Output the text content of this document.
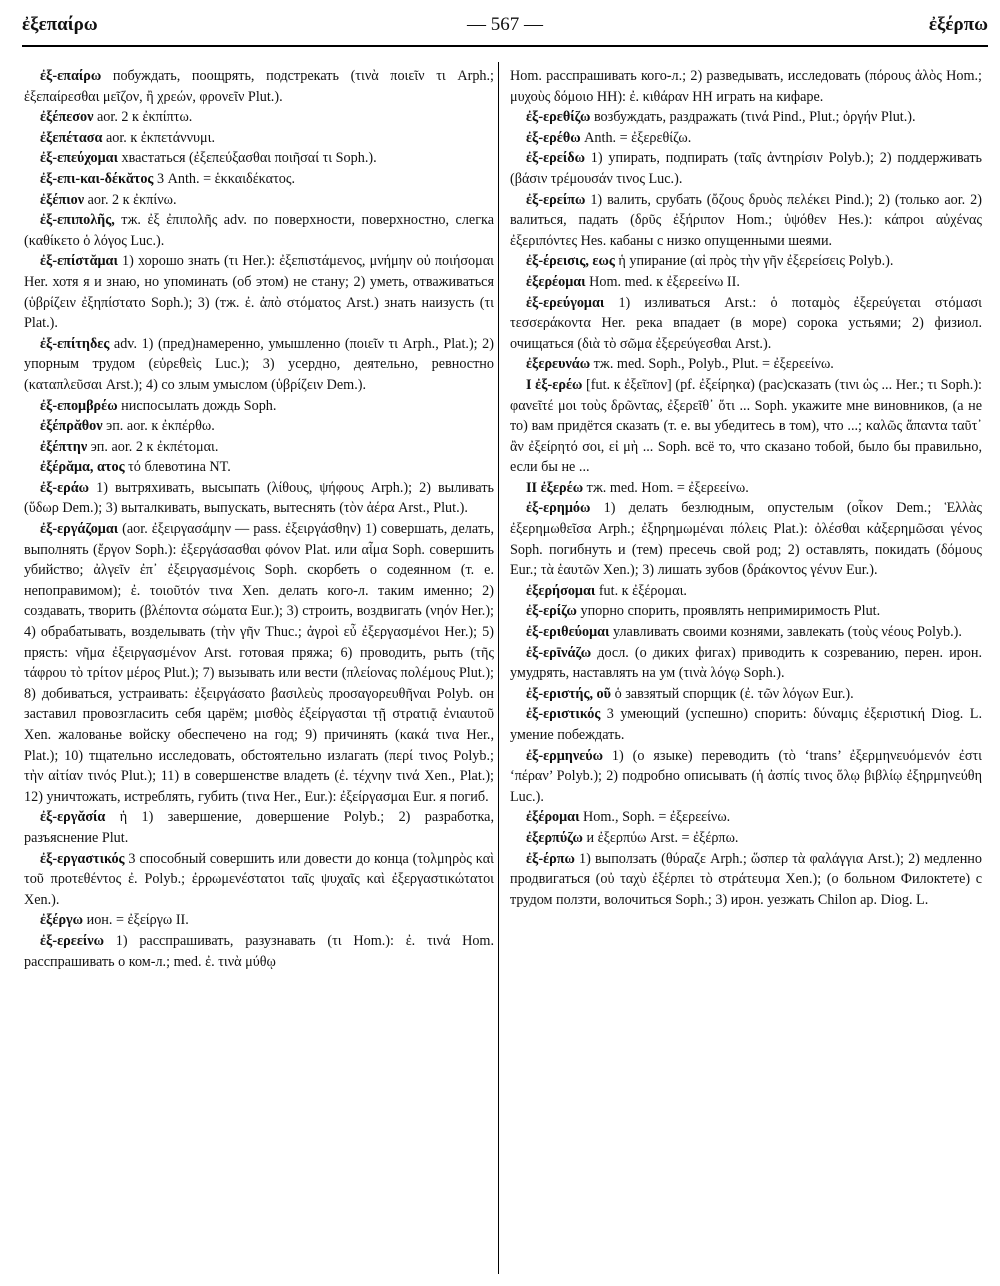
ἐξεπαίρω	— 567 —	ἐξέρπω
ἐξ-επαίρω побуждать, поощрять, подстрекать (τινὰ ποιεῖν τι Arph.; ἐξεπαίρεσθαι μεῖζον, ἢ χρεών, φρονεῖν Plut.).
ἐξέπεσον aor. 2 к ἐκπίπτω.
ἐξεπέτασα aor. к ἐκπετάννυμι.
ἐξ-επεύχομαι хвастаться (ἐξεπεύξασθαι ποιῆσαί τι Soph.).
ἐξ-επι-και-δέκᾰτος 3 Anth. = ἑκκαιδέκατος.
ἐξέπιον aor. 2 к ἐκπίνω.
ἐξ-επιπολῆς, тж. ἐξ ἐπιπολῆς adv. по поверхности, поверхностно, слегка (καθίκετο ὁ λόγος Luc.).
ἐξ-επίστᾰμαι 1) хорошо знать (τι Her.): ἐξεπιστάμενος, μνήμην οὐ ποιήσομαι Her. хотя я и знаю, но упоминать (об этом) не стану; 2) уметь, отваживаться (ὑβρίζειν ἐξηπίστατο Soph.); 3) (тж. ἐ. ἀπὸ στόματος Arst.) знать наизусть (τι Plat.).
ἐξ-επίτηδες adv. 1) (пред)намеренно, умышленно (ποιεῖν τι Arph., Plat.); 2) упорным трудом (εὑρεθεὶς Luc.); 3) усердно, деятельно, ревностно (καταπλεῦσαι Arst.); 4) со злым умыслом (ὑβρίζειν Dem.).
ἐξ-επομβρέω ниспосылать дождь Soph.
ἐξέπρᾰθον эп. aor. к ἐκπέρθω.
ἐξέπτην эп. aor. 2 к ἐκπέτομαι.
ἐξέρᾰμα, ατος τό блевотина NT.
ἐξ-εράω 1) вытряхивать, высыпать (λίθους, ψήφους Arph.); 2) выливать (ὕδωρ Dem.); 3) выталкивать, выпускать, вытеснять (τὸν ἀέρα Arst., Plut.).
ἐξ-εργάζομαι (aor. ἐξειργασάμην — pass. ἐξειργάσθην) 1) совершать, делать, выполнять (ἔργον Soph.): ἐξεργάσασθαι φόνον Plat. или αἷμα Soph. совершить убийство; ἀλγεῖν ἐπ᾽ ἐξειργασμένοις Soph. скорбеть о содеянном (т. е. непоправимом); ἐ. τοιοῦτόν τινα Xen. делать кого-л. таким именно; 2) создавать, творить (βλέποντα σώματα Eur.); 3) строить, воздвигать (νηόν Her.); 4) обрабатывать, возделывать (τὴν γῆν Thuc.; ἀγροὶ εὖ ἐξεργασμένοι Her.); 5) прясть: νῆμα ἐξειργασμένον Arst. готовая пряжа; 6) проводить, рыть (τῆς τάφρου τὸ τρίτον μέρος Plut.); 7) вызывать или вести (πλείονας πολέμους Plut.); 8) добиваться, устраивать: ἐξειργάσατο βασιλεὺς προσαγορευθῆναι Polyb. он заставил провозгласить себя царём; μισθὸς ἐξείργασται τῇ στρατιᾷ ἐνιαυτοῦ Xen. жалованье войску обеспечено на год; 9) причинять (κακά τινα Her., Plat.); 10) тщательно исследовать, обстоятельно излагать (περί τινος Polyb.; τὴν αἰτίαν τινός Plut.); 11) в совершенстве владеть (ἐ. τέχνην τινά Xen., Plat.); 12) уничтожать, истреблять, губить (τινα Her., Eur.): ἐξείργασμαι Eur. я погиб.
ἐξ-εργᾰσία ἡ 1) завершение, довершение Polyb.; 2) разработка, разъяснение Plut.
ἐξ-εργαστικός 3 способный совершить или довести до конца (τολμηρὸς καὶ τοῦ προτεθέντος ἐ. Polyb.; ἐρρωμενέστατοι ταῖς ψυχαῖς καὶ ἐξεργαστικώτατοι Xen.).
ἐξέργω ион. = ἐξείργω II.
ἐξ-ερεείνω 1) расспрашивать, разузнавать (τι Hom.): ἐ. τινά Hom. расспрашивать о ком-л.; med. ἐ. τινὰ μύθῳ
Hom. расспрашивать кого-л.; 2) разведывать, исследовать (πόρους ἁλὸς Hom.; μυχοὺς δόμοιο HH): ἐ. κιθάραν HH играть на кифаре.
ἐξ-ερεθίζω возбуждать, раздражать (τινά Pind., Plut.; ὀργήν Plut.).
ἐξ-ερέθω Anth. = ἐξερεθίζω.
ἐξ-ερείδω 1) упирать, подпирать (ταῖς ἀντηρίσιν Polyb.); 2) поддерживать (βάσιν τρέμουσάν τινος Luc.).
ἐξ-ερείπω 1) валить, срубать (ὄζους δρυὸς πελέκει Pind.); 2) (только aor. 2) валиться, падать (δρῦς ἐξήριπον Hom.; ὑψόθεν Hes.): κάπροι αὐχένας ἐξεριπόντες Hes. кабаны с низко опущенными шеями.
ἐξ-έρεισις, εως ἡ упирание (αἱ πρὸς τὴν γῆν ἐξερείσεις Polyb.).
ἐξερέομαι Hom. med. к ἐξερεείνω II.
ἐξ-ερεύγομαι 1) изливаться Arst.: ὁ ποταμὸς ἐξερεύγεται στόμασι τεσσεράκοντα Her. река впадает (в море) сорока устьями; 2) физиол. очищаться (διὰ τὸ σῶμα ἐξερεύγεσθαι Arst.).
ἐξερευνάω тж. med. Soph., Polyb., Plut. = ἐξερεείνω.
I ἐξ-ερέω [fut. к ἐξεῖπον] (pf. ἐξείρηκα) (рас)сказать (τινι ὡς ... Her.; τι Soph.): φανεῖτέ μοι τοὺς δρῶντας, ἐξερεῖθ᾽ ὅτι ... Soph. укажите мне виновников, (а не то) вам придётся сказать (т. е. вы убедитесь в том), что ...; καλῶς ἅπαντα ταῦτ᾽ ἂν ἐξείρητό σοι, εἰ μὴ ... Soph. всё то, что сказано тобой, было бы правильно, если бы не ...
II ἐξερέω тж. med. Hom. = ἐξερεείνω.
ἐξ-ερημόω 1) делать безлюдным, опустелым (οἶκον Dem.; Ἑλλὰς ἐξερημωθεῖσα Arph.; ἐξηρημωμέναι πόλεις Plat.): ὀλέσθαι κἀξερημῶσαι γένος Soph. погибнуть и (тем) пресечь свой род; 2) оставлять, покидать (δόμους Eur.; τὰ ἑαυτῶν Xen.); 3) лишать зубов (δράκοντος γένυν Eur.).
ἐξερήσομαι fut. к ἐξέρομαι.
ἐξ-ερίζω упорно спорить, проявлять непримиримость Plut.
ἐξ-εριθεύομαι улавливать своими кознями, завлекать (τοὺς νέους Polyb.).
ἐξ-ερῑνάζω досл. (о диких фигах) приводить к созреванию, перен. ирон. умудрять, наставлять на ум (τινὰ λόγῳ Soph.).
ἐξ-εριστής, οῦ ὁ завзятый спорщик (ἐ. τῶν λόγων Eur.).
ἐξ-εριστικός 3 умеющий (успешно) спорить: δύναμις ἐξεριστική Diog. L. умение побеждать.
ἐξ-ερμηνεύω 1) (о языке) переводить (τὸ ‘trans’ ἐξερμηνευόμενόν ἐστι ‘πέραν’ Polyb.); 2) подробно описывать (ἡ ἀσπίς τινος ὅλῳ βιβλίῳ ἐξηρμηνεύθη Luc.).
ἐξέρομαι Hom., Soph. = ἐξερεείνω.
ἐξερπύζω и ἐξερπύω Arst. = ἐξέρπω.
ἐξ-έρπω 1) выползать (θύραζε Arph.; ὥσπερ τὰ φαλάγγια Arst.); 2) медленно продвигаться (οὐ ταχὺ ἐξέρπει τὸ στράτευμα Xen.); (о больном Филоктете) с трудом ползти, волочиться Soph.; 3) ирон. уезжать Chilon ap. Diog. L.
